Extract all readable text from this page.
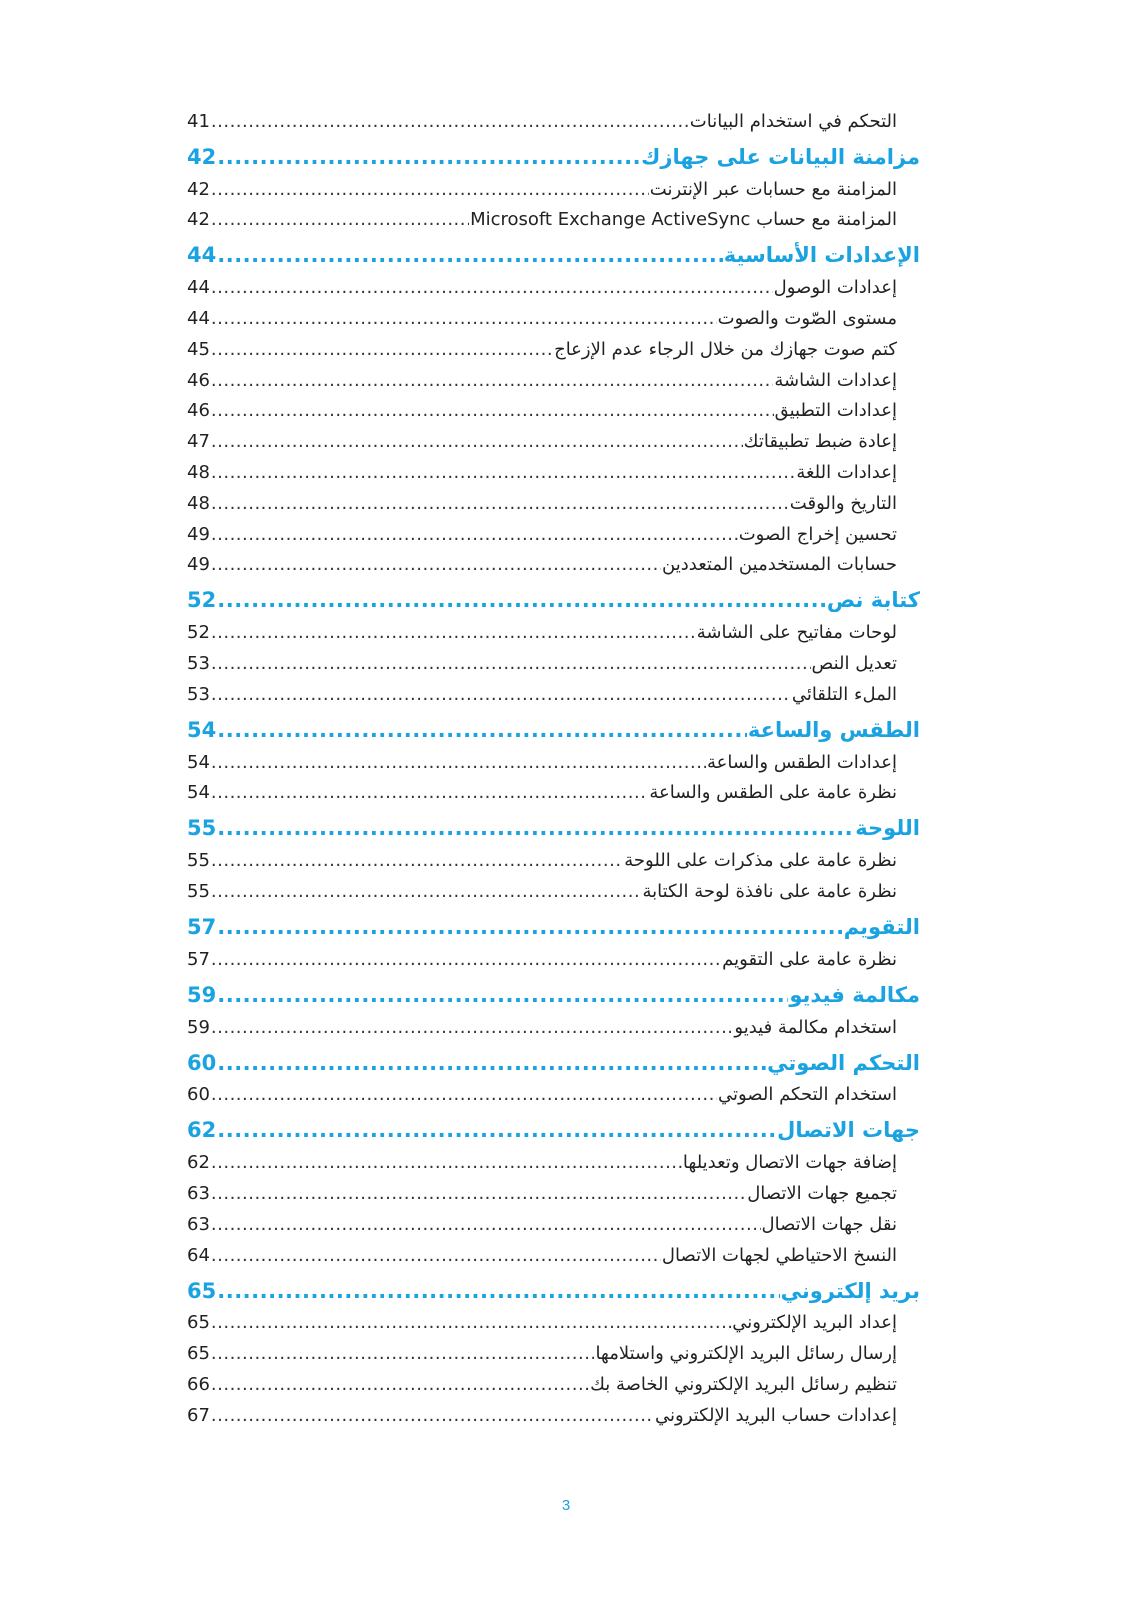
التحكم في استخدام البيانات
.....
41
مزامنة البيانات على جهازك
.....
42
المزامنة مع حسابات عبر الإنترنت
.....
42
المزامنة مع حساب Microsoft Exchange ActiveSync
.....
42
الإعدادات الأساسية
.....
44
إعدادات الوصول
.....
44
مستوى الصّوت والصوت
.....
44
كتم صوت جهازك من خلال الرجاء عدم الإزعاج
.....
45
إعدادات الشاشة
.....
46
إعدادات التطبيق
.....
46
إعادة ضبط تطبيقاتك
.....
47
إعدادات اللغة
.....
48
التاريخ والوقت
.....
48
تحسين إخراج الصوت
.....
49
حسابات المستخدمين المتعددين
.....
49
كتابة نص
.....
52
لوحات مفاتيح على الشاشة
.....
52
تعديل النص
.....
53
الملء التلقائي
.....
53
الطقس والساعة
.....
54
إعدادات الطقس والساعة
.....
54
نظرة عامة على الطقس والساعة
.....
54
اللوحة
.....
55
نظرة عامة على مذكرات على اللوحة
.....
55
نظرة عامة على نافذة لوحة الكتابة
.....
55
التقويم
.....
57
نظرة عامة على التقويم
.....
57
مكالمة فيديو
.....
59
استخدام مكالمة فيديو
.....
59
التحكم الصوتي
.....
60
استخدام التحكم الصوتي
.....
60
جهات الاتصال
.....
62
إضافة جهات الاتصال وتعديلها
.....
62
تجميع جهات الاتصال
.....
63
نقل جهات الاتصال
.....
63
النسخ الاحتياطي لجهات الاتصال
.....
64
بريد إلكتروني
.....
65
إعداد البريد الإلكتروني
.....
65
إرسال رسائل البريد الإلكتروني واستلامها
.....
65
تنظيم رسائل البريد الإلكتروني الخاصة بك
.....
66
إعدادات حساب البريد الإلكتروني
.....
67
3
